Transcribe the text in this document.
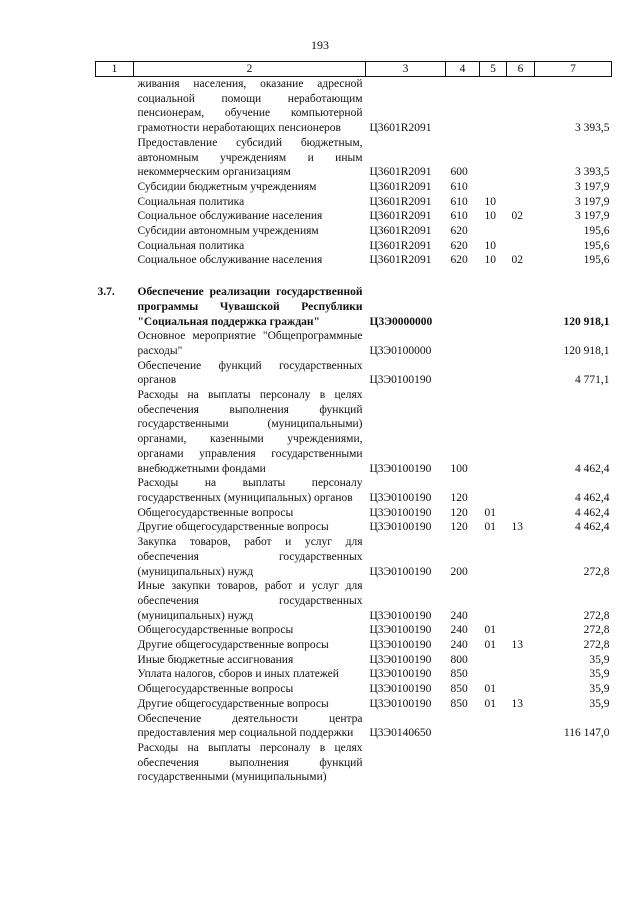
193
1	2	3	4	5	6	7
	живания населения, оказание адресной социальной помощи неработающим пенсионерам, обучение компьютерной грамотности неработающих пенсионеров	Ц3601R2091				3 393,5
	Предоставление субсидий бюджетным, автономным учреждениям и иным некоммерческим организациям	Ц3601R2091	600			3 393,5
	Субсидии бюджетным учреждениям	Ц3601R2091	610			3 197,9
	Социальная политика	Ц3601R2091	610	10		3 197,9
	Социальное обслуживание населения	Ц3601R2091	610	10	02	3 197,9
	Субсидии автономным учреждениям	Ц3601R2091	620			195,6
	Социальная политика	Ц3601R2091	620	10		195,6
	Социальное обслуживание населения	Ц3601R2091	620	10	02	195,6
3.7.	Обеспечение реализации государственной программы Чувашской Республики "Социальная поддержка граждан"	Ц3Э0000000				120 918,1
	Основное мероприятие "Общепрограммные расходы"	Ц3Э0100000				120 918,1
	Обеспечение функций государственных органов	Ц3Э0100190				4 771,1
	Расходы на выплаты персоналу в целях обеспечения выполнения функций государственными (муниципальными) органами, казенными учреждениями, органами управления государственными внебюджетными фондами	Ц3Э0100190	100			4 462,4
	Расходы на выплаты персоналу государственных (муниципальных) органов	Ц3Э0100190	120			4 462,4
	Общегосударственные вопросы	Ц3Э0100190	120	01		4 462,4
	Другие общегосударственные вопросы	Ц3Э0100190	120	01	13	4 462,4
	Закупка товаров, работ и услуг для обеспечения государственных (муниципальных) нужд	Ц3Э0100190	200			272,8
	Иные закупки товаров, работ и услуг для обеспечения государственных (муниципальных) нужд	Ц3Э0100190	240			272,8
	Общегосударственные вопросы	Ц3Э0100190	240	01		272,8
	Другие общегосударственные вопросы	Ц3Э0100190	240	01	13	272,8
	Иные бюджетные ассигнования	Ц3Э0100190	800			35,9
	Уплата налогов, сборов и иных платежей	Ц3Э0100190	850			35,9
	Общегосударственные вопросы	Ц3Э0100190	850	01		35,9
	Другие общегосударственные вопросы	Ц3Э0100190	850	01	13	35,9
	Обеспечение деятельности центра предоставления мер социальной поддержки	Ц3Э0140650				116 147,0
	Расходы на выплаты персоналу в целях обеспечения выполнения функций государственными (муниципальными)					
